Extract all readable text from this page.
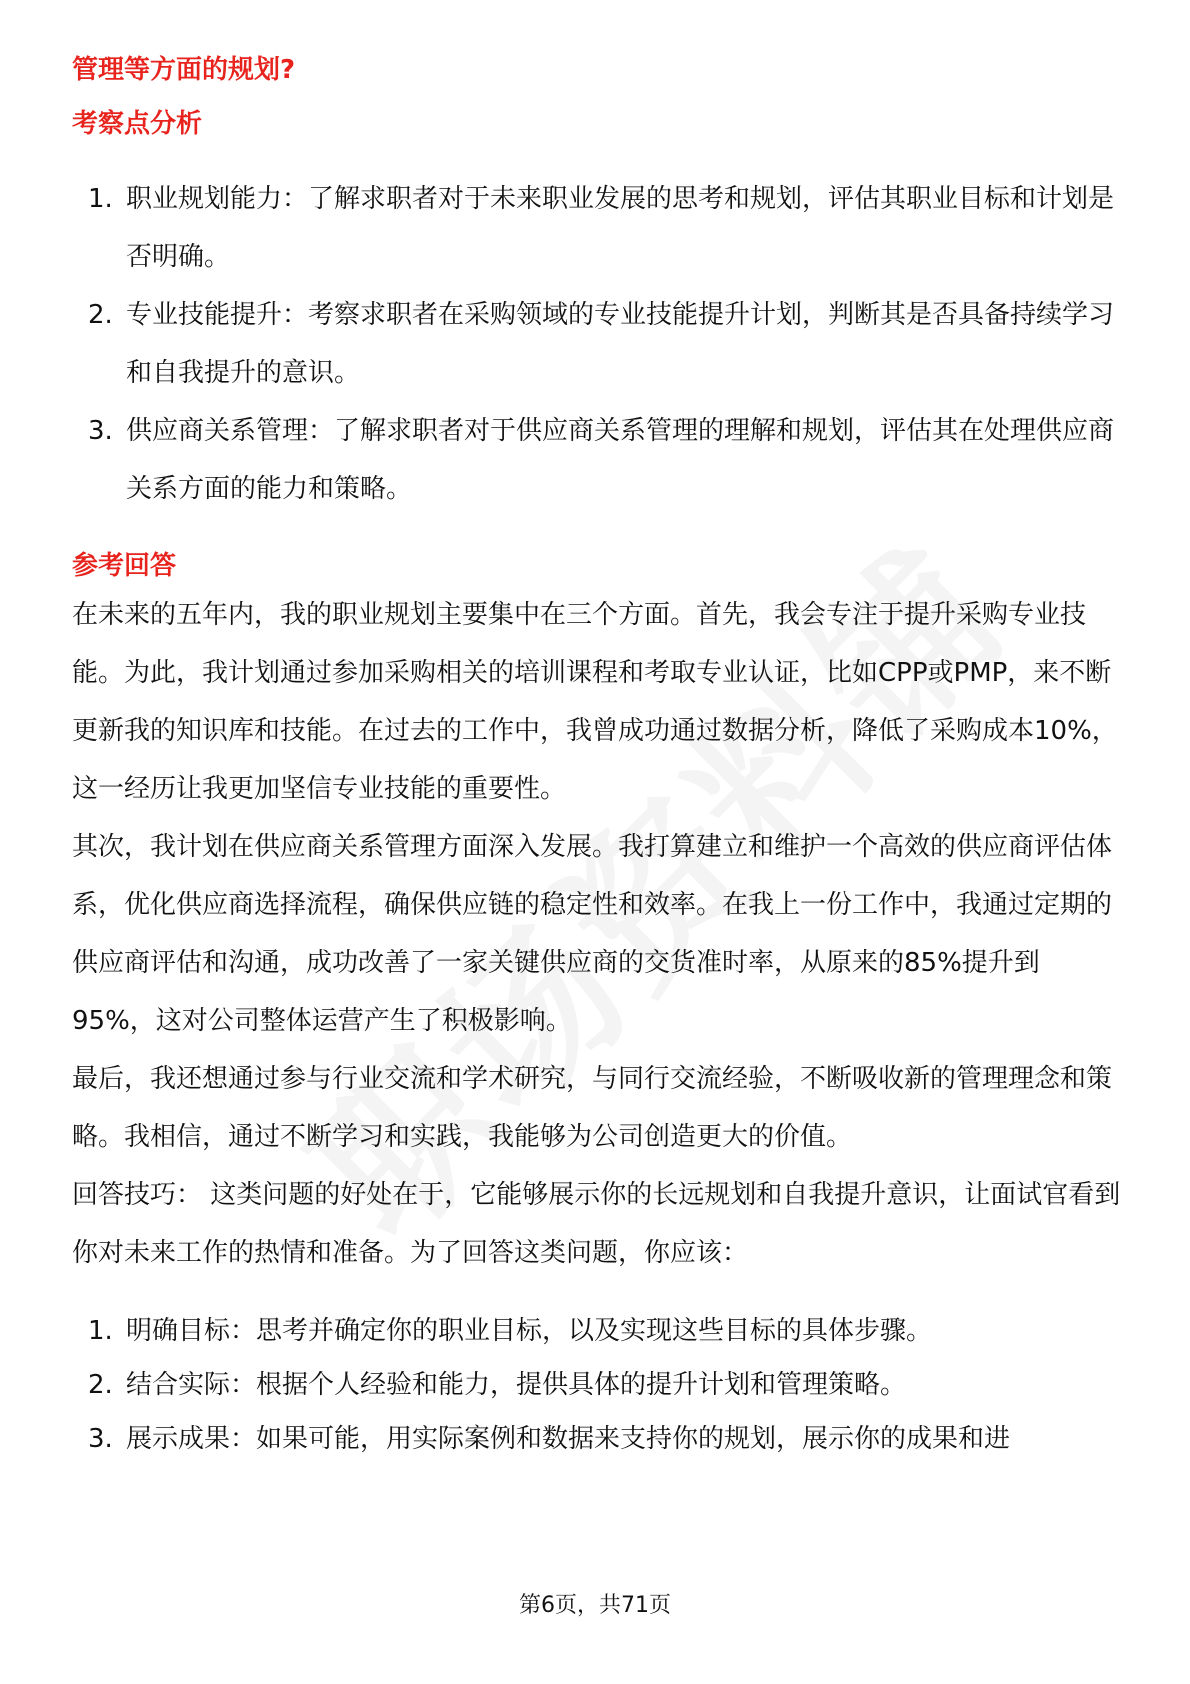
管理等方面的规划?
考察点分析
1. 职业规划能力：了解求职者对于未来职业发展的思考和规划，评估其职业目标和计划是否明确。
2. 专业技能提升：考察求职者在采购领域的专业技能提升计划，判断其是否具备持续学习和自我提升的意识。
3. 供应商关系管理：了解求职者对于供应商关系管理的理解和规划，评估其在处理供应商关系方面的能力和策略。
参考回答

在未来的五年内，我的职业规划主要集中在三个方面。首先，我会专注于提升采购专业技能。为此，我计划通过参加采购相关的培训课程和考取专业认证，比如CPP或PMP，来不断更新我的知识库和技能。在过去的工作中，我曾成功通过数据分析，降低了采购成本10%，这一经历让我更加坚信专业技能的重要性。

其次，我计划在供应商关系管理方面深入发展。我打算建立和维护一个高效的供应商评估体系，优化供应商选择流程，确保供应链的稳定性和效率。在我上一份工作中，我通过定期的供应商评估和沟通，成功改善了一家关键供应商的交货准时率，从原来的85%提升到95%，这对公司整体运营产生了积极影响。

最后，我还想通过参与行业交流和学术研究，与同行交流经验，不断吸收新的管理理念和策略。我相信，通过不断学习和实践，我能够为公司创造更大的价值。

回答技巧： 这类问题的好处在于，它能够展示你的长远规划和自我提升意识，让面试官看到你对未来工作的热情和准备。为了回答这类问题，你应该：

1. 明确目标：思考并确定你的职业目标，以及实现这些目标的具体步骤。
2. 结合实际：根据个人经验和能力，提供具体的提升计划和管理策略。
3. 展示成果：如果可能，用实际案例和数据来支持你的规划，展示你的成果和进
第6页，共71页
